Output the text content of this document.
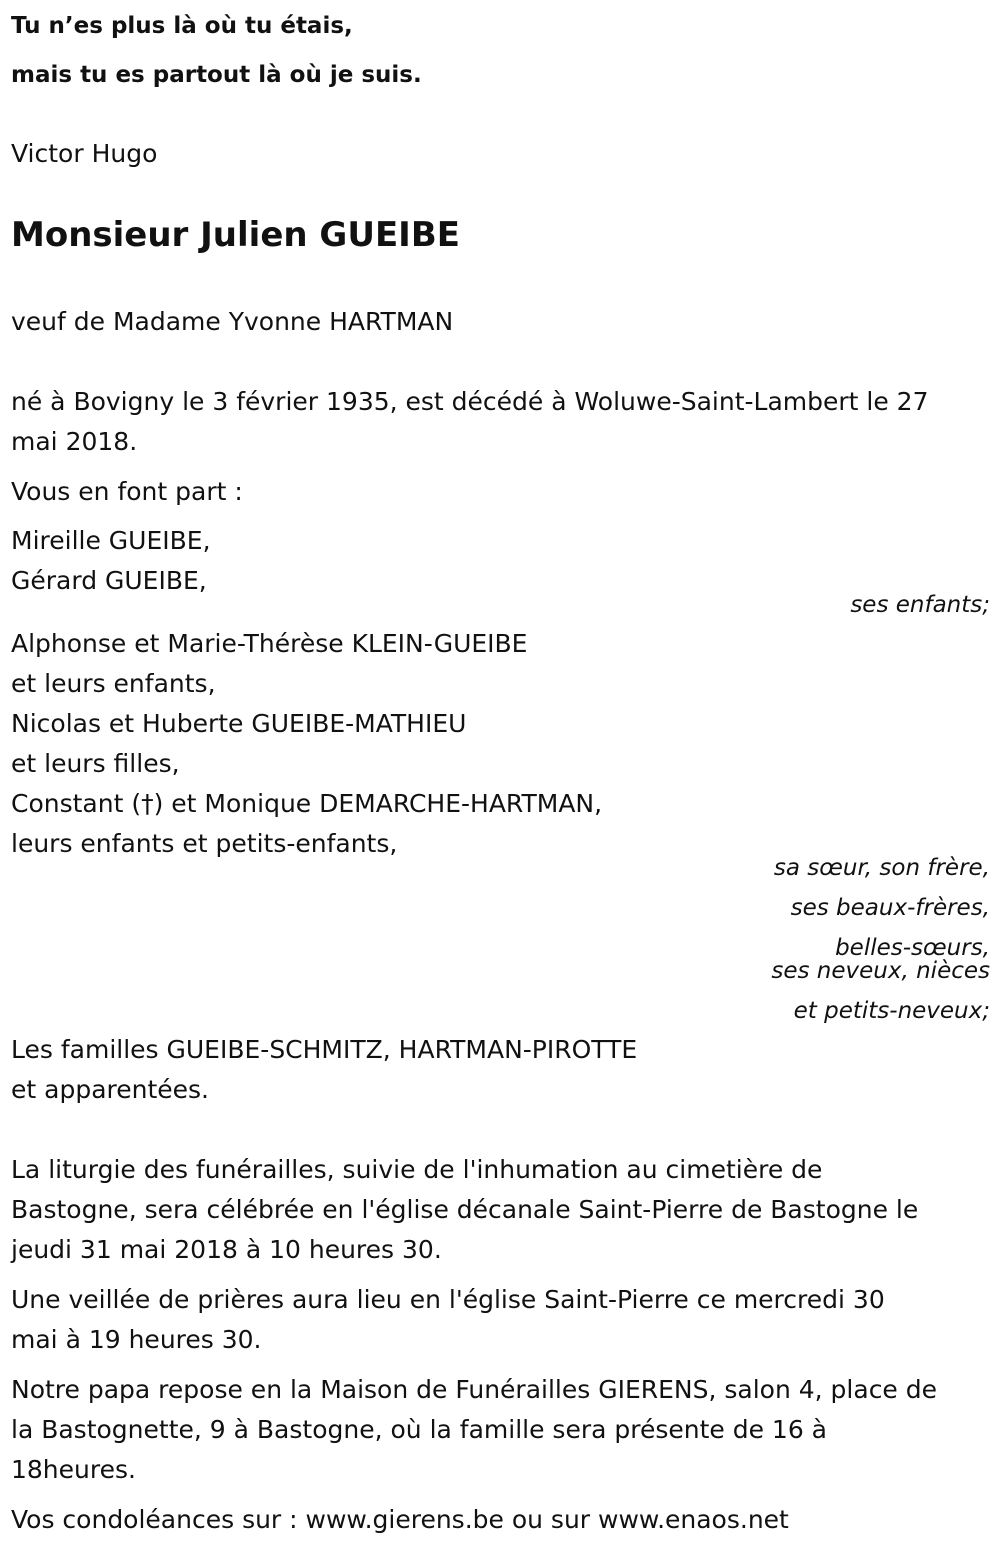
Tu n’es plus là où tu étais,
mais tu es partout là où je suis.
Victor Hugo
Monsieur Julien GUEIBE
veuf de Madame Yvonne HARTMAN
né à Bovigny le 3 février 1935, est décédé à Woluwe-Saint-Lambert le 27
mai 2018.
Vous en font part :
Mireille GUEIBE,
Gérard GUEIBE,
ses enfants;
Alphonse et Marie-Thérèse KLEIN-GUEIBE
et leurs enfants,
Nicolas et Huberte GUEIBE-MATHIEU
et leurs filles,
Constant (†) et Monique DEMARCHE-HARTMAN,
leurs enfants et petits-enfants,
sa sœur, son frère,
ses beaux-frères,
belles-sœurs,
ses neveux, nièces
et petits-neveux;
Les familles GUEIBE-SCHMITZ, HARTMAN-PIROTTE
et apparentées.
La liturgie des funérailles, suivie de l'inhumation au cimetière de
Bastogne, sera célébrée en l'église décanale Saint-Pierre de Bastogne le
jeudi 31 mai 2018 à 10 heures 30.
Une veillée de prières aura lieu en l'église Saint-Pierre ce mercredi 30
mai à 19 heures 30.
Notre papa repose en la Maison de Funérailles GIERENS, salon 4, place de
la Bastognette, 9 à Bastogne, où la famille sera présente de 16 à
18heures.
Vos condoléances sur : www.gierens.be ou sur www.enaos.net
